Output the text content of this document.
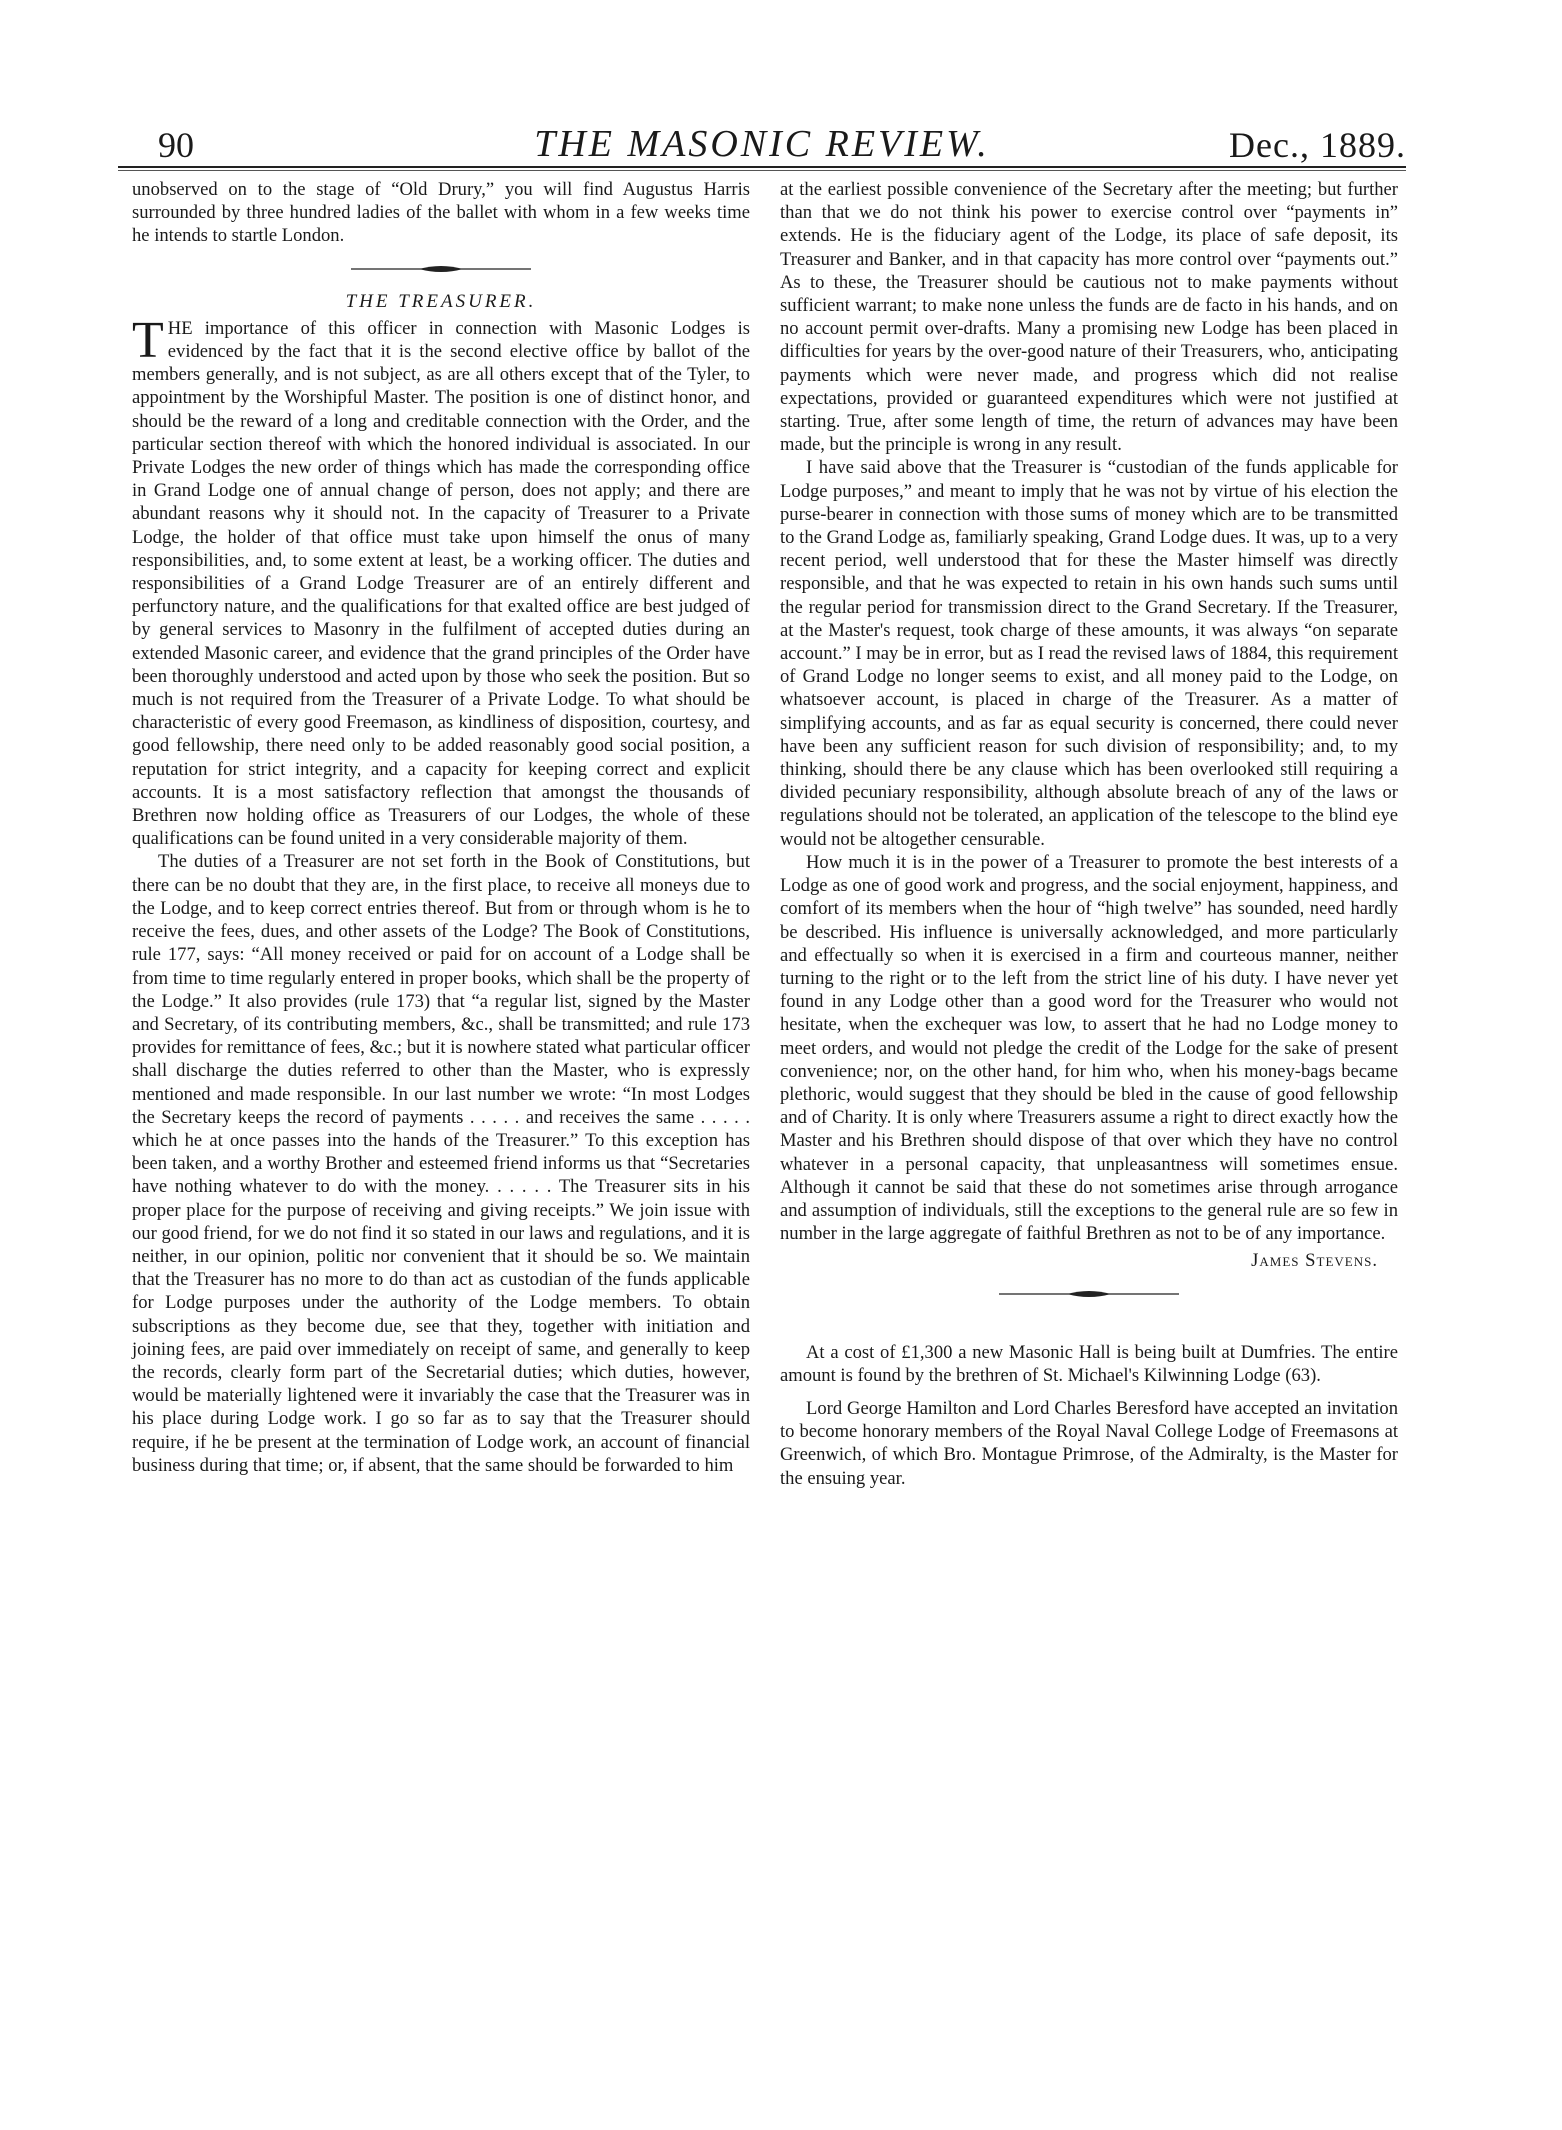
90	THE MASONIC REVIEW.	Dec., 1889.

unobserved on to the stage of “Old Drury,” you will find Augustus Harris surrounded by three hundred ladies of the ballet with whom in a few weeks time he intends to startle London.

THE TREASURER.

THE importance of this officer in connection with Masonic Lodges is evidenced by the fact that it is the second elective office by ballot of the members generally, and is not subject, as are all others except that of the Tyler, to appointment by the Worshipful Master. The position is one of distinct honor, and should be the reward of a long and creditable connection with the Order, and the particular section thereof with which the honored individual is associated. In our Private Lodges the new order of things which has made the corresponding office in Grand Lodge one of annual change of person, does not apply; and there are abundant reasons why it should not. In the capacity of Treasurer to a Private Lodge, the holder of that office must take upon himself the onus of many responsibilities, and, to some extent at least, be a working officer. The duties and responsibilities of a Grand Lodge Treasurer are of an entirely different and perfunctory nature, and the qualifications for that exalted office are best judged of by general services to Masonry in the fulfilment of accepted duties during an extended Masonic career, and evidence that the grand principles of the Order have been thoroughly understood and acted upon by those who seek the position. But so much is not required from the Treasurer of a Private Lodge. To what should be characteristic of every good Freemason, as kindliness of disposition, courtesy, and good fellowship, there need only to be added reasonably good social position, a reputation for strict integrity, and a capacity for keeping correct and explicit accounts. It is a most satisfactory reflection that amongst the thousands of Brethren now holding office as Treasurers of our Lodges, the whole of these qualifications can be found united in a very considerable majority of them.

The duties of a Treasurer are not set forth in the Book of Constitutions, but there can be no doubt that they are, in the first place, to receive all moneys due to the Lodge, and to keep correct entries thereof. But from or through whom is he to receive the fees, dues, and other assets of the Lodge? The Book of Constitutions, rule 177, says: “All money received or paid for on account of a Lodge shall be from time to time regularly entered in proper books, which shall be the property of the Lodge.” It also provides (rule 173) that “a regular list, signed by the Master and Secretary, of its contributing members, &c., shall be transmitted; and rule 173 provides for remittance of fees, &c.; but it is nowhere stated what particular officer shall discharge the duties referred to other than the Master, who is expressly mentioned and made responsible. In our last number we wrote: “In most Lodges the Secretary keeps the record of payments . . . . . and receives the same . . . . . which he at once passes into the hands of the Treasurer.” To this exception has been taken, and a worthy Brother and esteemed friend informs us that “Secretaries have nothing whatever to do with the money. . . . . . The Treasurer sits in his proper place for the purpose of receiving and giving receipts.” We join issue with our good friend, for we do not find it so stated in our laws and regulations, and it is neither, in our opinion, politic nor convenient that it should be so. We maintain that the Treasurer has no more to do than act as custodian of the funds applicable for Lodge purposes under the authority of the Lodge members. To obtain subscriptions as they become due, see that they, together with initiation and joining fees, are paid over immediately on receipt of same, and generally to keep the records, clearly form part of the Secretarial duties; which duties, however, would be materially lightened were it invariably the case that the Treasurer was in his place during Lodge work. I go so far as to say that the Treasurer should require, if he be present at the termination of Lodge work, an account of financial business during that time; or, if absent, that the same should be forwarded to him

at the earliest possible convenience of the Secretary after the meeting; but further than that we do not think his power to exercise control over “payments in” extends. He is the fiduciary agent of the Lodge, its place of safe deposit, its Treasurer and Banker, and in that capacity has more control over “payments out.” As to these, the Treasurer should be cautious not to make payments without sufficient warrant; to make none unless the funds are de facto in his hands, and on no account permit over-drafts. Many a promising new Lodge has been placed in difficulties for years by the over-good nature of their Treasurers, who, anticipating payments which were never made, and progress which did not realise expectations, provided or guaranteed expenditures which were not justified at starting. True, after some length of time, the return of advances may have been made, but the principle is wrong in any result.

I have said above that the Treasurer is “custodian of the funds applicable for Lodge purposes,” and meant to imply that he was not by virtue of his election the purse-bearer in connection with those sums of money which are to be transmitted to the Grand Lodge as, familiarly speaking, Grand Lodge dues. It was, up to a very recent period, well understood that for these the Master himself was directly responsible, and that he was expected to retain in his own hands such sums until the regular period for transmission direct to the Grand Secretary. If the Treasurer, at the Master's request, took charge of these amounts, it was always “on separate account.” I may be in error, but as I read the revised laws of 1884, this requirement of Grand Lodge no longer seems to exist, and all money paid to the Lodge, on whatsoever account, is placed in charge of the Treasurer. As a matter of simplifying accounts, and as far as equal security is concerned, there could never have been any sufficient reason for such division of responsibility; and, to my thinking, should there be any clause which has been overlooked still requiring a divided pecuniary responsibility, although absolute breach of any of the laws or regulations should not be tolerated, an application of the telescope to the blind eye would not be altogether censurable.

How much it is in the power of a Treasurer to promote the best interests of a Lodge as one of good work and progress, and the social enjoyment, happiness, and comfort of its members when the hour of “high twelve” has sounded, need hardly be described. His influence is universally acknowledged, and more particularly and effectually so when it is exercised in a firm and courteous manner, neither turning to the right or to the left from the strict line of his duty. I have never yet found in any Lodge other than a good word for the Treasurer who would not hesitate, when the exchequer was low, to assert that he had no Lodge money to meet orders, and would not pledge the credit of the Lodge for the sake of present convenience; nor, on the other hand, for him who, when his money-bags became plethoric, would suggest that they should be bled in the cause of good fellowship and of Charity. It is only where Treasurers assume a right to direct exactly how the Master and his Brethren should dispose of that over which they have no control whatever in a personal capacity, that unpleasantness will sometimes ensue. Although it cannot be said that these do not sometimes arise through arrogance and assumption of individuals, still the exceptions to the general rule are so few in number in the large aggregate of faithful Brethren as not to be of any importance.

James Stevens.

At a cost of £1,300 a new Masonic Hall is being built at Dumfries. The entire amount is found by the brethren of St. Michael's Kilwinning Lodge (63).

Lord George Hamilton and Lord Charles Beresford have accepted an invitation to become honorary members of the Royal Naval College Lodge of Freemasons at Greenwich, of which Bro. Montague Primrose, of the Admiralty, is the Master for the ensuing year.
